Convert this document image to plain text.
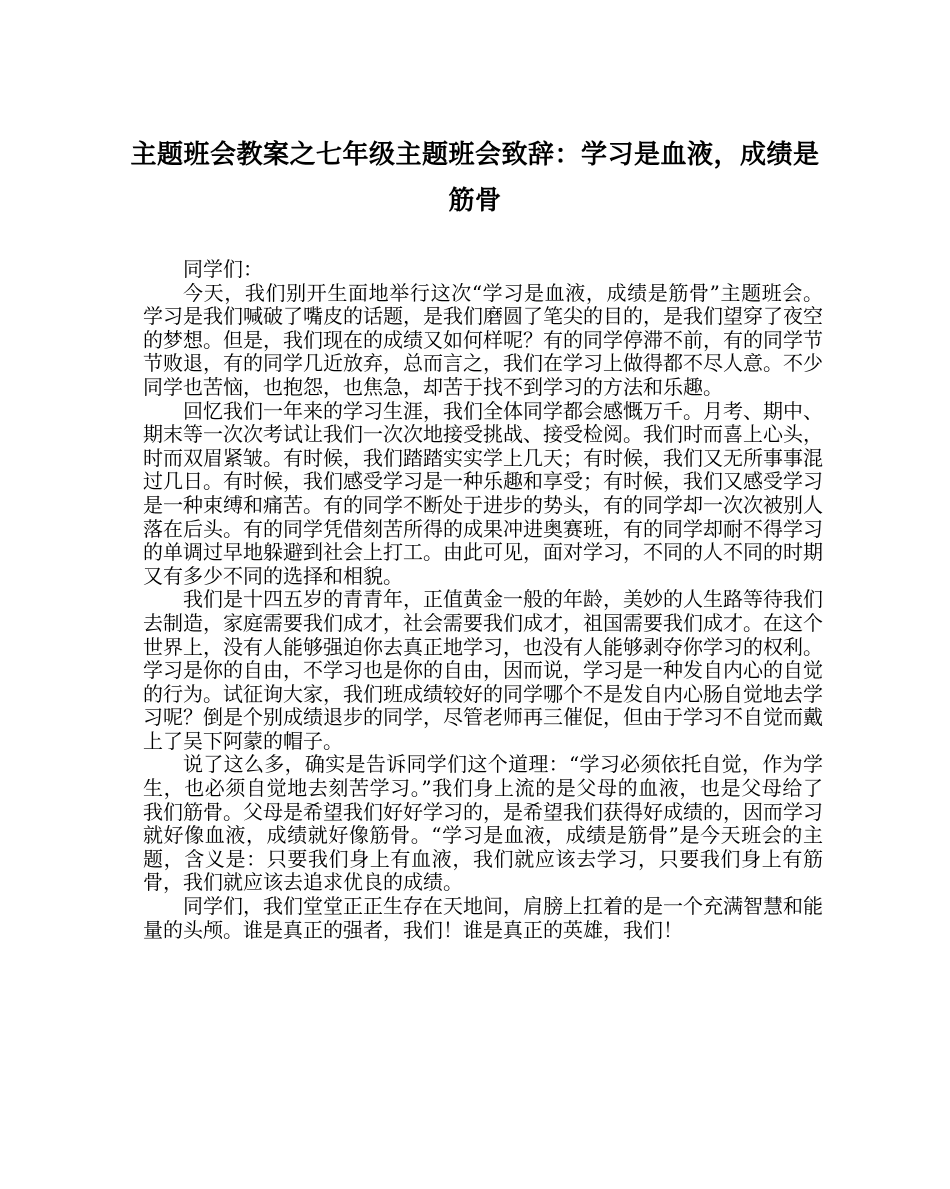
主题班会教案之七年级主题班会致辞：学习是血液，成绩是筋骨

同学们：

今天，我们别开生面地举行这次“学习是血液，成绩是筋骨”主题班会。学习是我们喊破了嘴皮的话题，是我们磨圆了笔尖的目的，是我们望穿了夜空的梦想。但是，我们现在的成绩又如何样呢？有的同学停滞不前，有的同学节节败退，有的同学几近放弃，总而言之，我们在学习上做得都不尽人意。不少同学也苦恼，也抱怨，也焦急，却苦于找不到学习的方法和乐趣。

回忆我们一年来的学习生涯，我们全体同学都会感慨万千。月考、期中、期末等一次次考试让我们一次次地接受挑战、接受检阅。我们时而喜上心头，时而双眉紧皱。有时候，我们踏踏实实学上几天；有时候，我们又无所事事混过几日。有时候，我们感受学习是一种乐趣和享受；有时候，我们又感受学习是一种束缚和痛苦。有的同学不断处于进步的势头，有的同学却一次次被别人落在后头。有的同学凭借刻苦所得的成果冲进奥赛班，有的同学却耐不得学习的单调过早地躲避到社会上打工。由此可见，面对学习，不同的人不同的时期又有多少不同的选择和相貌。

我们是十四五岁的青青年，正值黄金一般的年龄，美妙的人生路等待我们去制造，家庭需要我们成才，社会需要我们成才，祖国需要我们成才。在这个世界上，没有人能够强迫你去真正地学习，也没有人能够剥夺你学习的权利。学习是你的自由，不学习也是你的自由，因而说，学习是一种发自内心的自觉的行为。试征询大家，我们班成绩较好的同学哪个不是发自内心肠自觉地去学习呢？倒是个别成绩退步的同学，尽管老师再三催促，但由于学习不自觉而戴上了吴下阿蒙的帽子。

说了这么多，确实是告诉同学们这个道理：“学习必须依托自觉，作为学生，也必须自觉地去刻苦学习。”我们身上流的是父母的血液，也是父母给了我们筋骨。父母是希望我们好好学习的，是希望我们获得好成绩的，因而学习就好像血液，成绩就好像筋骨。“学习是血液，成绩是筋骨”是今天班会的主题，含义是：只要我们身上有血液，我们就应该去学习，只要我们身上有筋骨，我们就应该去追求优良的成绩。

同学们，我们堂堂正正生存在天地间，肩膀上扛着的是一个充满智慧和能量的头颅。谁是真正的强者，我们！谁是真正的英雄，我们！
